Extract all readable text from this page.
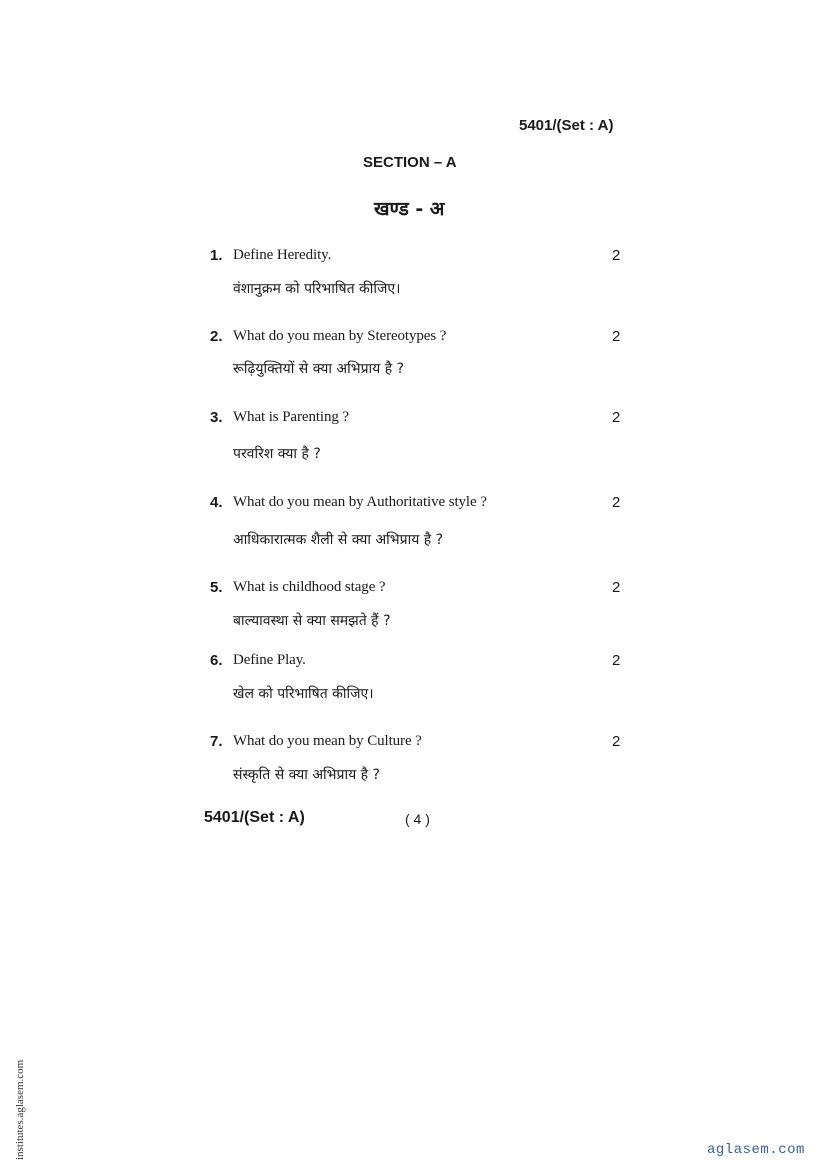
5401/(Set : A)
SECTION – A
खण्ड - अ
1. Define Heredity.	2
वंशानुक्रम को परिभाषित कीजिए।
2. What do you mean by Stereotypes ?	2
रूढ़ियुक्तियों से क्या अभिप्राय है ?
3. What is Parenting ?	2
परवरिश क्या है ?
4. What do you mean by Authoritative style ?	2
आधिकारात्मक शैली से क्या अभिप्राय है ?
5. What is childhood stage ?	2
बाल्यावस्था से क्या समझते हैं ?
6. Define Play.	2
खेल को परिभाषित कीजिए।
7. What do you mean by Culture ?	2
संस्कृति से क्या अभिप्राय है ?
5401/(Set : A)	( 4 )
institutes.aglasem.com	aglasem.com
